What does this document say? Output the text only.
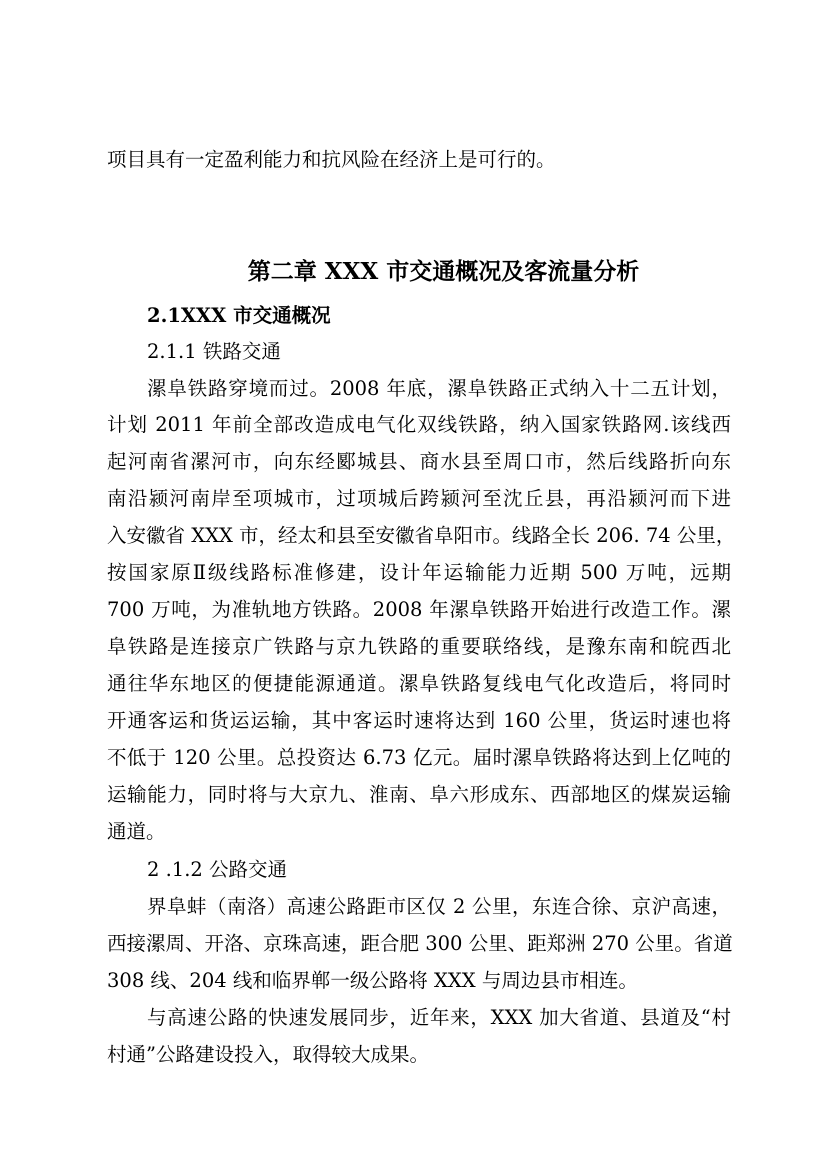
项目具有一定盈利能力和抗风险在经济上是可行的。
第二章 XXX 市交通概况及客流量分析
2.1XXX 市交通概况
2.1.1 铁路交通
漯阜铁路穿境而过。2008 年底，漯阜铁路正式纳入十二五计划，
计划 2011 年前全部改造成电气化双线铁路，纳入国家铁路网.该线西
起河南省漯河市，向东经郾城县、商水县至周口市，然后线路折向东
南沿颍河南岸至项城市，过项城后跨颍河至沈丘县，再沿颍河而下进
入安徽省 XXX 市，经太和县至安徽省阜阳市。线路全长 206. 74 公里，
按国家原Ⅱ级线路标准修建，设计年运输能力近期 500 万吨，远期
700 万吨，为准轨地方铁路。2008 年漯阜铁路开始进行改造工作。漯
阜铁路是连接京广铁路与京九铁路的重要联络线，是豫东南和皖西北
通往华东地区的便捷能源通道。漯阜铁路复线电气化改造后，将同时
开通客运和货运运输，其中客运时速将达到 160 公里，货运时速也将
不低于 120 公里。总投资达 6.73 亿元。届时漯阜铁路将达到上亿吨的
运输能力，同时将与大京九、淮南、阜六形成东、西部地区的煤炭运输
通道。
2 .1.2 公路交通
界阜蚌（南洛）高速公路距市区仅 2 公里，东连合徐、京沪高速，
西接漯周、开洛、京珠高速，距合肥 300 公里、距郑洲 270 公里。省道
308 线、204 线和临界郸一级公路将 XXX 与周边县市相连。
与高速公路的快速发展同步，近年来，XXX 加大省道、县道及“村
村通”公路建设投入，取得较大成果。
